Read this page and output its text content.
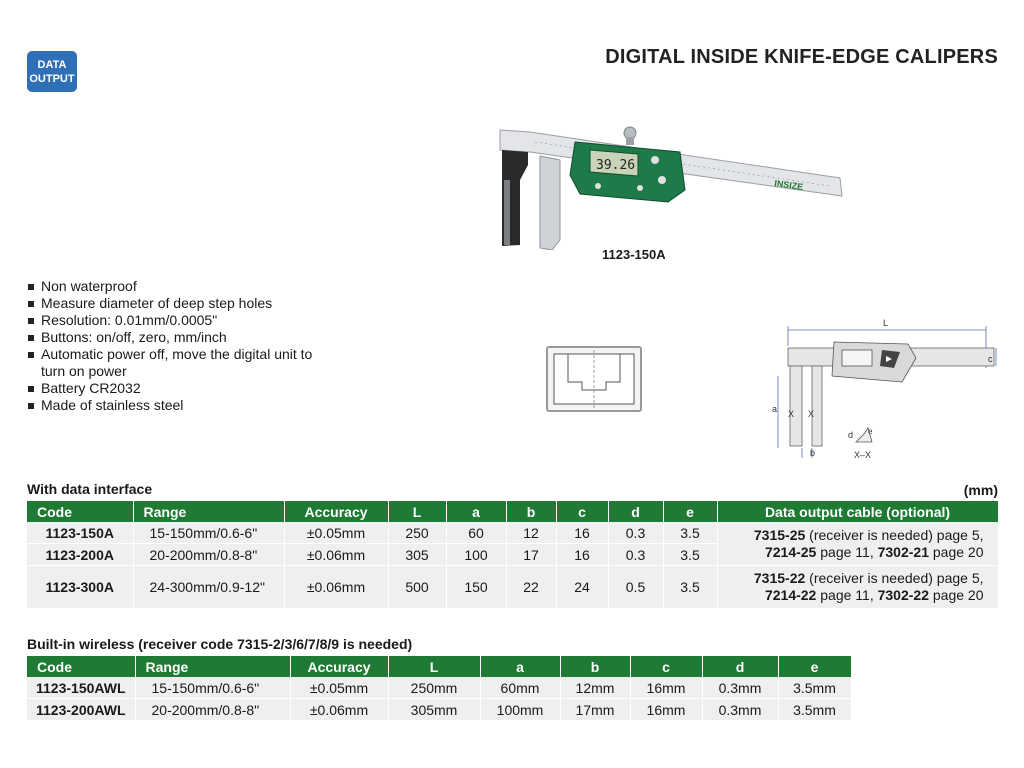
DATA
OUTPUT
DIGITAL INSIDE KNIFE-EDGE CALIPERS
39.26
INSIZE
1123-150A
Non waterproof
Measure diameter of deep step holes
Resolution: 0.01mm/0.0005"
Buttons: on/off, zero, mm/inch
Automatic power off, move the digital unit to turn on power
Battery CR2032
Made of stainless steel
L
c
a X X
b
d e
X–X
With data interface	(mm)
Code	Range	Accuracy	L	a	b	c	d	e	Data output cable (optional)
1123-150A	15-150mm/0.6-6"	±0.05mm	250	60	12	16	0.3	3.5	7315-25 (receiver is needed) page 5,
7214-25 page 11, 7302-21 page 20

1123-200A	20-200mm/0.8-8"	±0.06mm	305	100	17	16	0.3	3.5	
1123-300A	24-300mm/0.9-12"	±0.06mm	500	150	22	24	0.5	3.5	7315-22 (receiver is needed) page 5,
7214-22 page 11, 7302-22 page 20
Built-in wireless (receiver code 7315-2/3/6/7/8/9 is needed)
Code	Range	Accuracy	L	a	b	c	d	e
1123-150AWL	15-150mm/0.6-6"	±0.05mm	250mm	60mm	12mm	16mm	0.3mm	3.5mm
1123-200AWL	20-200mm/0.8-8"	±0.06mm	305mm	100mm	17mm	16mm	0.3mm	3.5mm
